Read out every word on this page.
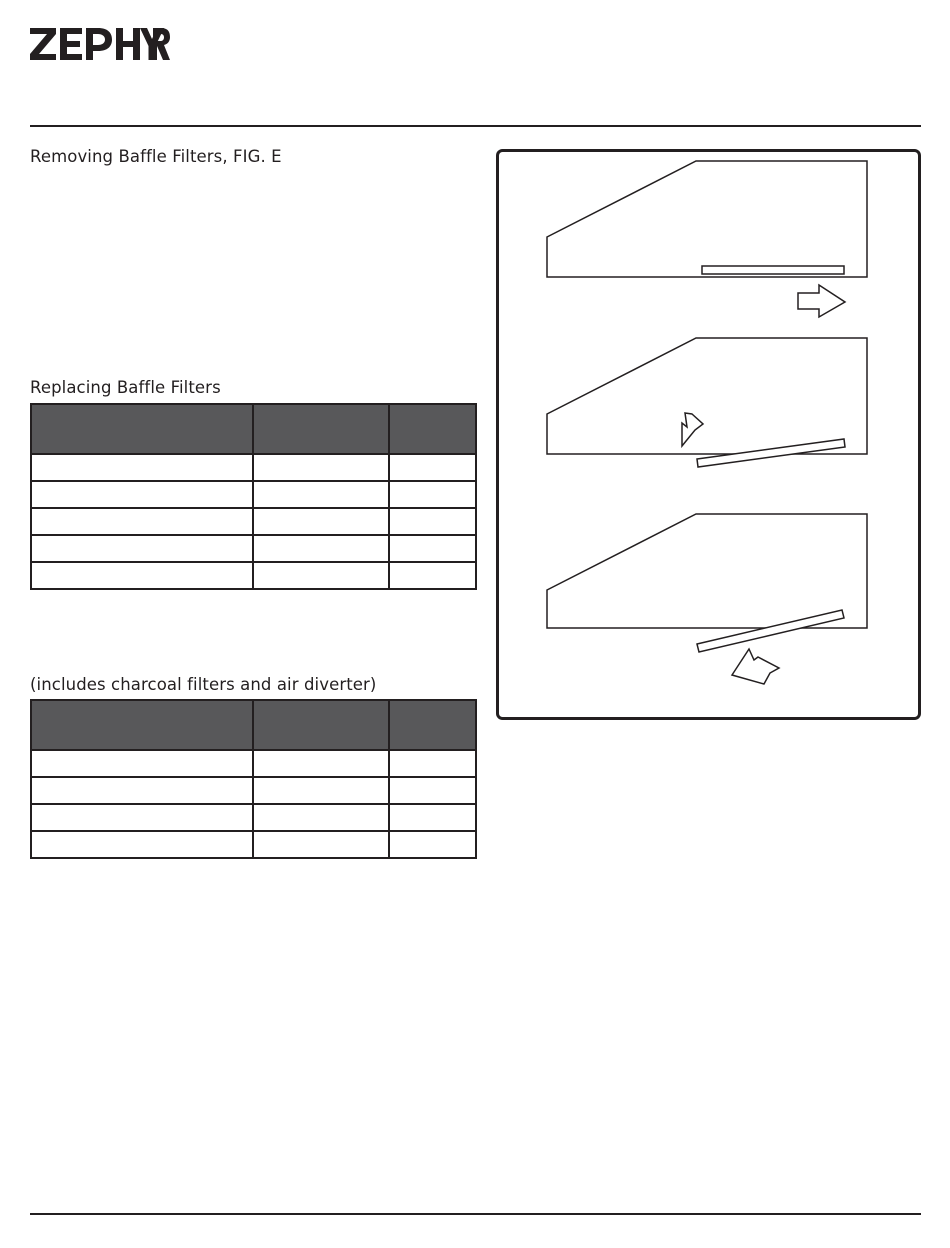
Removing Baffle Filters, FIG. E
Replacing Baffle Filters

(includes charcoal filters and air diverter)
